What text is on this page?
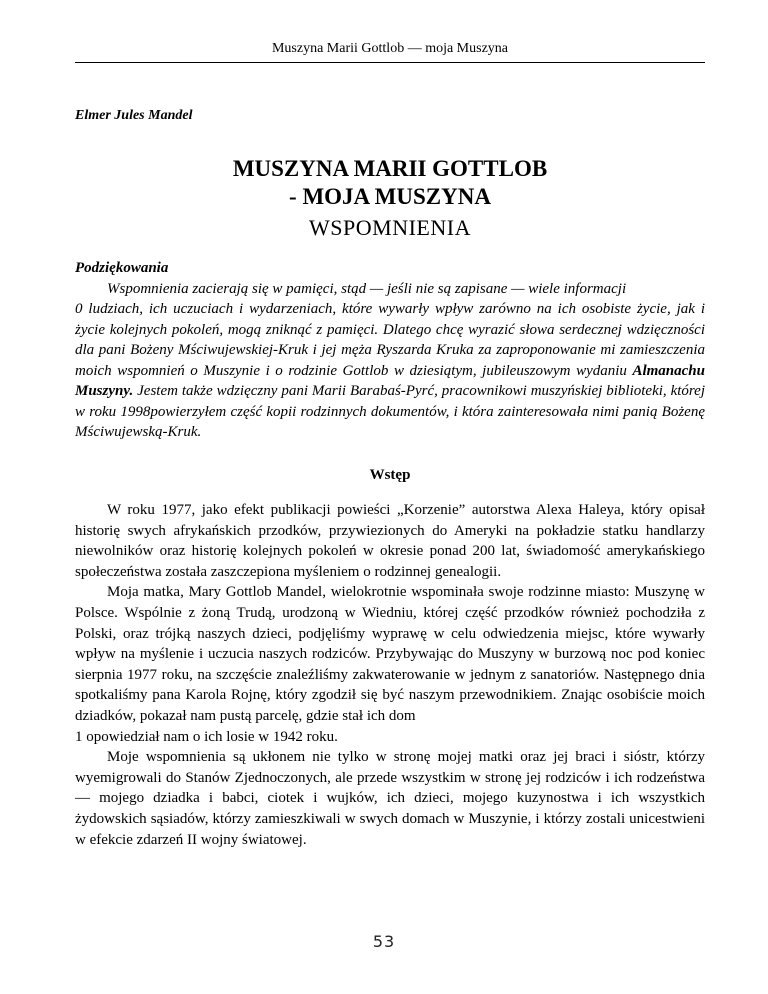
Muszyna Marii Gottlob — moja Muszyna
Elmer Jules Mandel
MUSZYNA MARII GOTTLOB
- MOJA MUSZYNA
WSPOMNIENIA
Podziękowania
Wspomnienia zacierają się w pamięci, stąd — jeśli nie są zapisane — wiele informacji
0 ludziach, ich uczuciach i wydarzeniach, które wywarły wpływ zarówno na ich osobiste życie, jak i życie kolejnych pokoleń, mogą zniknąć z pamięci. Dlatego chcę wyrazić słowa serdecznej wdzięczności dla pani Bożeny Mściwujewskiej-Kruk i jej męża Ryszarda Kruka za zaproponowanie mi zamieszczenia moich wspomnień o Muszynie i o rodzinie Gottlob w dziesiątym, jubileuszowym wydaniu Almanachu Muszyny. Jestem także wdzięczny pani Marii Barabaś-Pyrć, pracownikowi muszyńskiej biblioteki, której w roku 1998powierzyłem część kopii rodzinnych dokumentów, i która zainteresowała nimi panią Bożenę Mściwujewską-Kruk.
Wstęp

W roku 1977, jako efekt publikacji powieści „Korzenie” autorstwa Alexa Haleya, który opisał historię swych afrykańskich przodków, przywiezionych do Ameryki na pokładzie statku handlarzy niewolników oraz historię kolejnych pokoleń w okresie ponad 200 lat, świadomość amerykańskiego społeczeństwa została zaszczepiona myśleniem o rodzinnej genealogii.

Moja matka, Mary Gottlob Mandel, wielokrotnie wspominała swoje rodzinne miasto: Muszynę w Polsce. Wspólnie z żoną Trudą, urodzoną w Wiedniu, której część przodków również pochodziła z Polski, oraz trójką naszych dzieci, podjęliśmy wyprawę w celu odwiedzenia miejsc, które wywarły wpływ na myślenie i uczucia naszych rodziców. Przybywając do Muszyny w burzową noc pod koniec sierpnia 1977 roku, na szczęście znaleźliśmy zakwaterowanie w jednym z sanatoriów. Następnego dnia spotkaliśmy pana Karola Rojnę, który zgodził się być naszym przewodnikiem. Znając osobiście moich dziadków, pokazał nam pustą parcelę, gdzie stał ich dom

1 opowiedział nam o ich losie w 1942 roku.

Moje wspomnienia są ukłonem nie tylko w stronę mojej matki oraz jej braci i sióstr, którzy wyemigrowali do Stanów Zjednoczonych, ale przede wszystkim w stronę jej rodziców i ich rodzeństwa — mojego dziadka i babci, ciotek i wujków, ich dzieci, mojego kuzynostwa i ich wszystkich żydowskich sąsiadów, którzy zamieszkiwali w swych domach w Muszynie, i którzy zostali unicestwieni w efekcie zdarzeń II wojny światowej.

53
